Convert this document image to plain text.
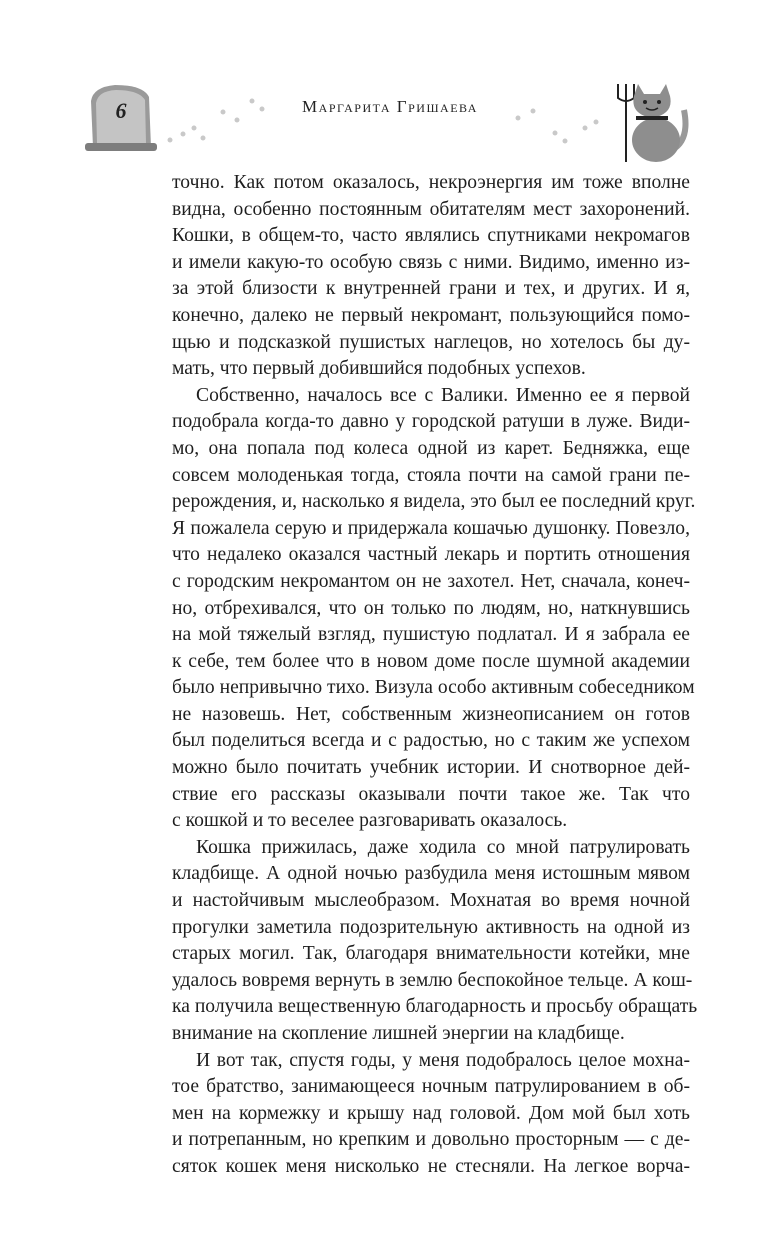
6	Маргарита Гришаева
точно. Как потом оказалось, некроэнергия им тоже вполне
видна, особенно постоянным обитателям мест захоронений.
Кошки, в общем-то, часто являлись спутниками некромагов
и имели какую-то особую связь с ними. Видимо, именно из-
за этой близости к внутренней грани и тех, и других. И я,
конечно, далеко не первый некромант, пользующийся помо-
щью и подсказкой пушистых наглецов, но хотелось бы ду-
мать, что первый добившийся подобных успехов.
Собственно, началось все с Валики. Именно ее я первой
подобрала когда-то давно у городской ратуши в луже. Види-
мо, она попала под колеса одной из карет. Бедняжка, еще
совсем молоденькая тогда, стояла почти на самой грани пе-
рерождения, и, насколько я видела, это был ее последний круг.
Я пожалела серую и придержала кошачью душонку. Повезло,
что недалеко оказался частный лекарь и портить отношения
с городским некромантом он не захотел. Нет, сначала, конеч-
но, отбрехивался, что он только по людям, но, наткнувшись
на мой тяжелый взгляд, пушистую подлатал. И я забрала ее
к себе, тем более что в новом доме после шумной академии
было непривычно тихо. Визула особо активным собеседником
не назовешь. Нет, собственным жизнеописанием он готов
был поделиться всегда и с радостью, но с таким же успехом
можно было почитать учебник истории. И снотворное дей-
ствие его рассказы оказывали почти такое же. Так что
с кошкой и то веселее разговаривать оказалось.
Кошка прижилась, даже ходила со мной патрулировать
кладбище. А одной ночью разбудила меня истошным мявом
и настойчивым мыслеобразом. Мохнатая во время ночной
прогулки заметила подозрительную активность на одной из
старых могил. Так, благодаря внимательности котейки, мне
удалось вовремя вернуть в землю беспокойное тельце. А кош-
ка получила вещественную благодарность и просьбу обращать
внимание на скопление лишней энергии на кладбище.
И вот так, спустя годы, у меня подобралось целое мохна-
тое братство, занимающееся ночным патрулированием в об-
мен на кормежку и крышу над головой. Дом мой был хоть
и потрепанным, но крепким и довольно просторным — с де-
сяток кошек меня нисколько не стесняли. На легкое ворча-
